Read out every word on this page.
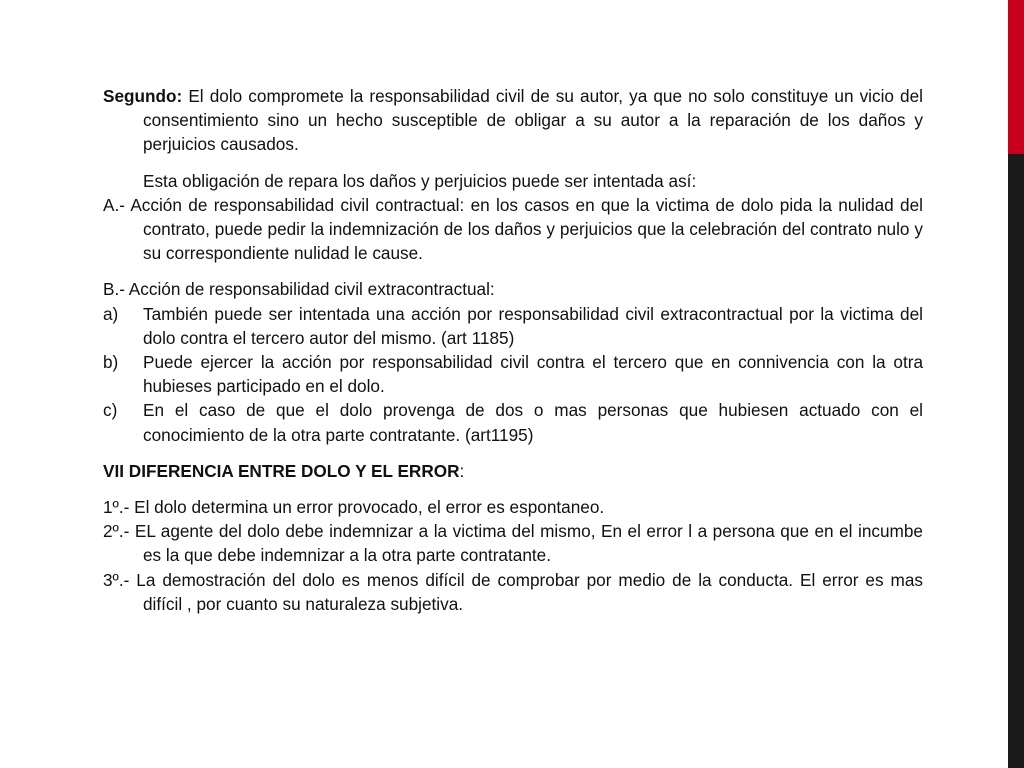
Segundo: El dolo compromete la responsabilidad civil de su autor, ya que no solo constituye un vicio del consentimiento sino un hecho susceptible de obligar a su autor a la reparación de los daños y perjuicios causados.

Esta obligación de repara los daños y perjuicios puede ser intentada así:

A.- Acción de responsabilidad civil contractual: en los casos en que la victima de dolo pida la nulidad del contrato, puede pedir la indemnización de los daños y perjuicios que la celebración del contrato nulo y su correspondiente nulidad le cause.

B.- Acción de responsabilidad civil extracontractual:

a)	También puede ser intentada una acción por responsabilidad civil extracontractual por la victima del dolo contra el tercero autor del mismo. (art 1185)
b)	Puede ejercer la acción por responsabilidad civil contra el tercero que en connivencia con la otra hubieses participado en el dolo.
c)	En el caso de que el dolo provenga de dos o mas personas que hubiesen actuado con el conocimiento de la otra parte contratante. (art1195)

VII DIFERENCIA ENTRE DOLO Y EL ERROR:

1º.- El dolo determina un error provocado, el error es espontaneo.

2º.- EL agente del dolo debe indemnizar a la victima del mismo, En el error l a persona que en el incumbe es la que debe indemnizar a la otra parte contratante.

3º.- La demostración del dolo es menos difícil de comprobar por medio de la conducta. El error es mas difícil , por cuanto su naturaleza subjetiva.
